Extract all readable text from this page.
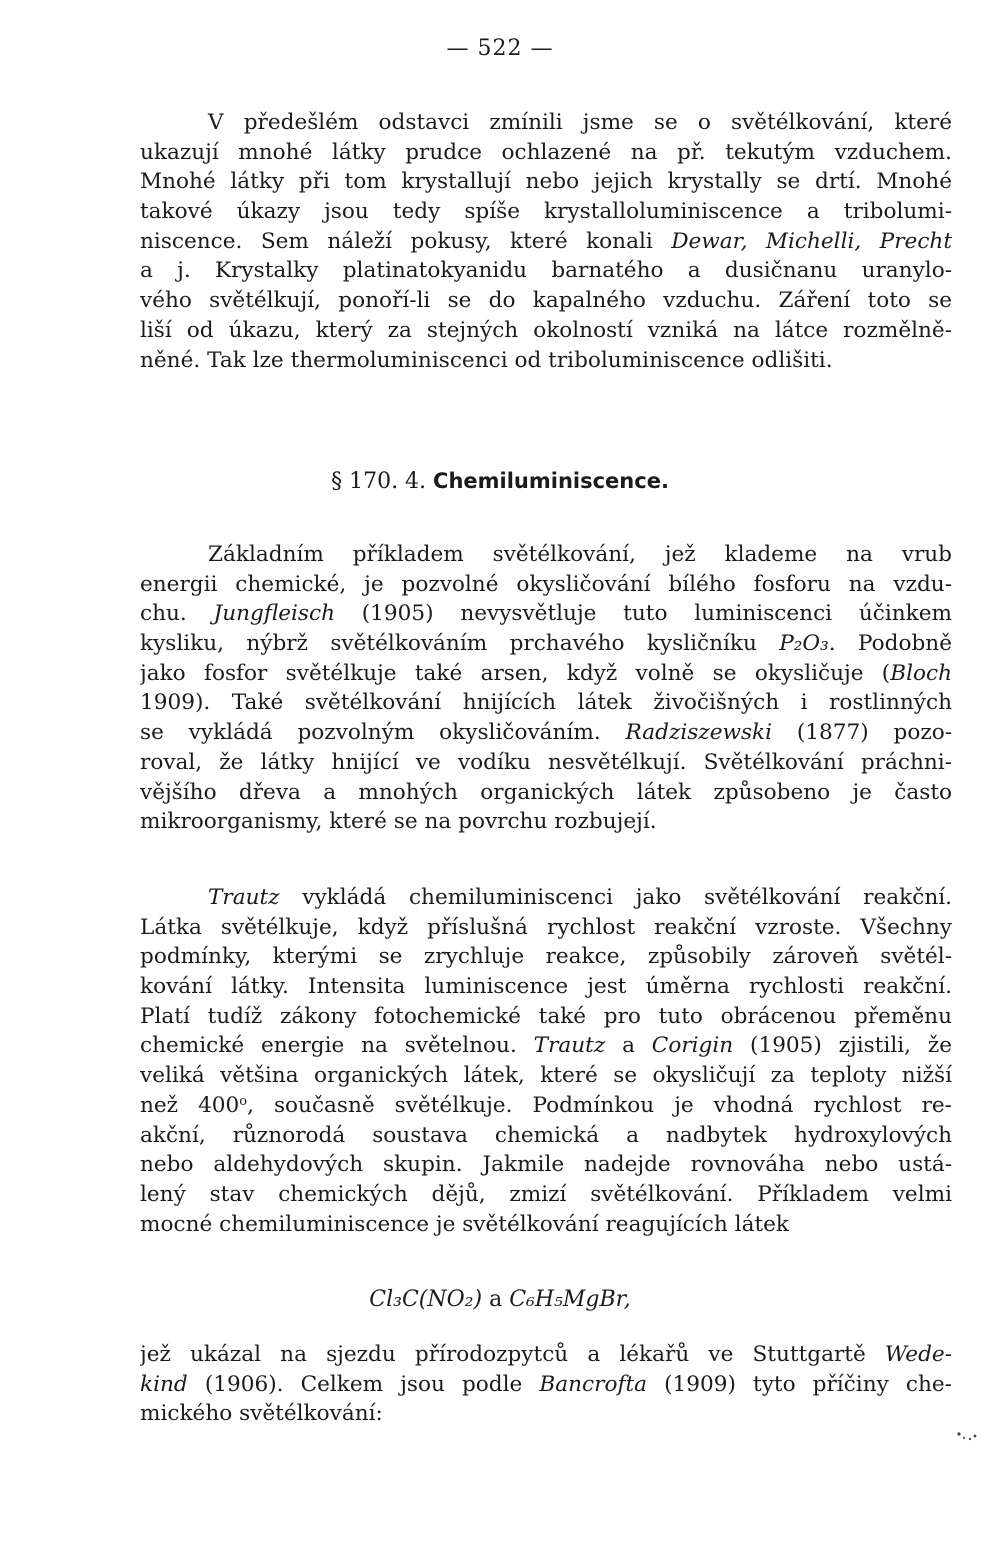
— 522 —
V předešlém odstavci zmínili jsme se o světélkování, které
ukazují mnohé látky prudce ochlazené na př. tekutým vzduchem.
Mnohé látky při tom krystallují nebo jejich krystally se drtí. Mnohé
takové úkazy jsou tedy spíše krystalloluminiscence a tribolumi-
niscence. Sem náleží pokusy, které konali Dewar, Michelli, Precht
a j. Krystalky platinatokyanidu barnatého a dusičnanu uranylo-
vého světélkují, ponoří-li se do kapalného vzduchu. Záření toto se
liší od úkazu, který za stejných okolností vzniká na látce rozmělně-
něné. Tak lze thermoluminiscenci od triboluminiscence odlišiti.
§ 170. 4. Chemiluminiscence.
Základním příkladem světélkování, jež klademe na vrub
energii chemické, je pozvolné okysličování bílého fosforu na vzdu-
chu. Jungfleisch (1905) nevysvětluje tuto luminiscenci účinkem
kysliku, nýbrž světélkováním prchavého kysličníku P₂O₃. Podobně
jako fosfor světélkuje také arsen, když volně se okysličuje (Bloch
1909). Také světélkování hnijících látek živočišných i rostlinných
se vykládá pozvolným okysličováním. Radziszewski (1877) pozo-
roval, že látky hnijící ve vodíku nesvětélkují. Světélkování práchni-
vějšího dřeva a mnohých organických látek způsobeno je často
mikroorganismy, které se na povrchu rozbujejí.
Trautz vykládá chemiluminiscenci jako světélkování reakční.
Látka světélkuje, když příslušná rychlost reakční vzroste. Všechny
podmínky, kterými se zrychluje reakce, způsobily zároveň světél-
kování látky. Intensita luminiscence jest úměrna rychlosti reakční.
Platí tudíž zákony fotochemické také pro tuto obrácenou přeměnu
chemické energie na světelnou. Trautz a Corigin (1905) zjistili, že
veliká většina organických látek, které se okysličují za teploty nižší
než 400$^o$, současně světélkuje. Podmínkou je vhodná rychlost re-
akční, různorodá soustava chemická a nadbytek hydroxylových
nebo aldehydových skupin. Jakmile nadejde rovnováha nebo ustá-
lený stav chemických dějů, zmizí světélkování. Příkladem velmi
mocné chemiluminiscence je světélkování reagujících látek
Cl₃C(NO₂) a C₆H₅MgBr,
jež ukázal na sjezdu přírodozpytců a lékařů ve Stuttgartě Wede-
kind (1906). Celkem jsou podle Bancrofta (1909) tyto příčiny che-
mického světélkování:
